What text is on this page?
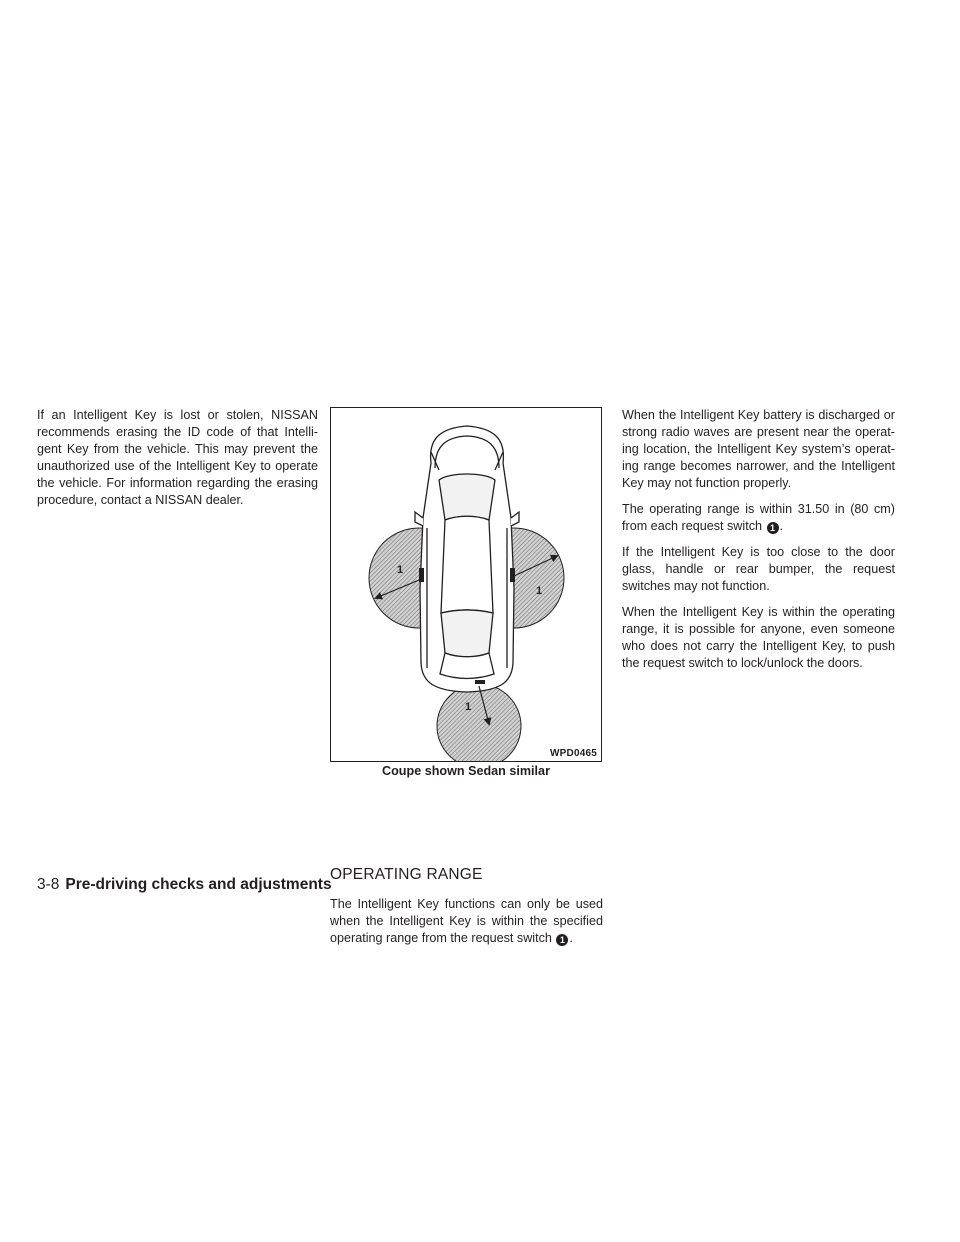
If an Intelligent Key is lost or stolen, NISSAN recommends erasing the ID code of that Intelli-gent Key from the vehicle. This may prevent the unauthorized use of the Intelligent Key to operate the vehicle. For information regarding the erasing procedure, contact a NISSAN dealer.

1
1
1
WPD0465
Coupe shown Sedan similar
OPERATING RANGE

The Intelligent Key functions can only be used when the Intelligent Key is within the specified operating range from the request switch 1 .

When the Intelligent Key battery is discharged or strong radio waves are present near the operat-ing location, the Intelligent Key system’s operat-ing range becomes narrower, and the Intelligent Key may not function properly.

The operating range is within 31.50 in (80 cm) from each request switch 1 .

If the Intelligent Key is too close to the door glass, handle or rear bumper, the request switches may not function.

When the Intelligent Key is within the operating range, it is possible for anyone, even someone who does not carry the Intelligent Key, to push the request switch to lock/unlock the doors.

3-8 Pre-driving checks and adjustments
